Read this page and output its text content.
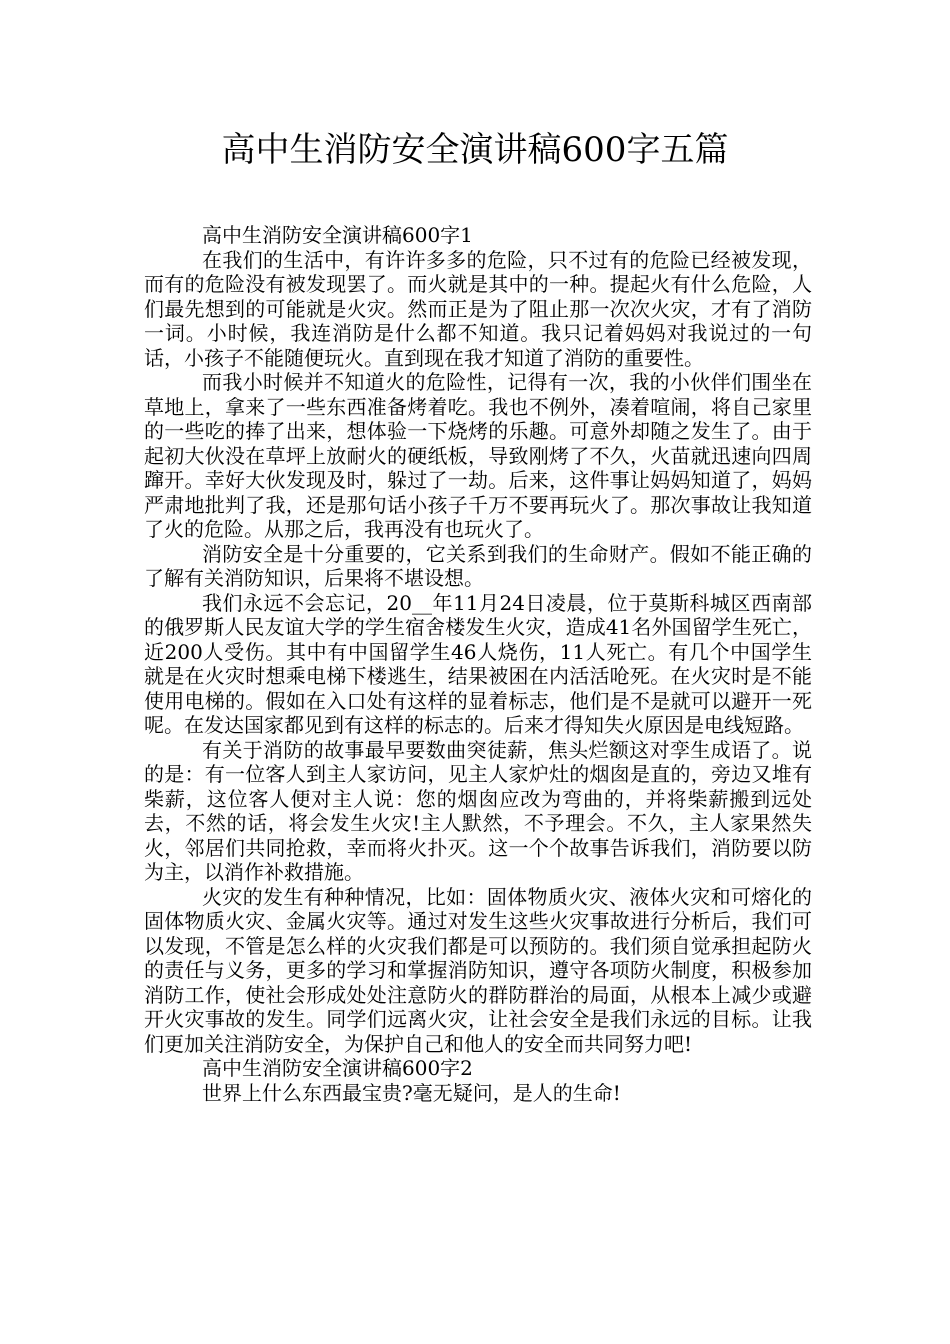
高中生消防安全演讲稿600字五篇

高中生消防安全演讲稿600字1

在我们的生活中，有许许多多的危险，只不过有的危险已经被发现，而有的危险没有被发现罢了。而火就是其中的一种。提起火有什么危险，人们最先想到的可能就是火灾。然而正是为了阻止那一次次火灾，才有了消防一词。小时候，我连消防是什么都不知道。我只记着妈妈对我说过的一句话，小孩子不能随便玩火。直到现在我才知道了消防的重要性。

而我小时候并不知道火的危险性，记得有一次，我的小伙伴们围坐在草地上，拿来了一些东西准备烤着吃。我也不例外，凑着喧闹，将自己家里的一些吃的捧了出来，想体验一下烧烤的乐趣。可意外却随之发生了。由于起初大伙没在草坪上放耐火的硬纸板，导致刚烤了不久，火苗就迅速向四周蹿开。幸好大伙发现及时，躲过了一劫。后来，这件事让妈妈知道了，妈妈严肃地批判了我，还是那句话小孩子千万不要再玩火了。那次事故让我知道了火的危险。从那之后，我再没有也玩火了。

消防安全是十分重要的，它关系到我们的生命财产。假如不能正确的了解有关消防知识，后果将不堪设想。

我们永远不会忘记，20__年11月24日凌晨，位于莫斯科城区西南部的俄罗斯人民友谊大学的学生宿舍楼发生火灾，造成41名外国留学生死亡，近200人受伤。其中有中国留学生46人烧伤，11人死亡。有几个中国学生就是在火灾时想乘电梯下楼逃生，结果被困在内活活呛死。在火灾时是不能使用电梯的。假如在入口处有这样的显着标志，他们是不是就可以避开一死呢。在发达国家都见到有这样的标志的。后来才得知失火原因是电线短路。

有关于消防的故事最早要数曲突徒薪，焦头烂额这对孪生成语了。说的是：有一位客人到主人家访问，见主人家炉灶的烟囱是直的，旁边又堆有柴薪，这位客人便对主人说：您的烟囱应改为弯曲的，并将柴薪搬到远处去，不然的话，将会发生火灾!主人默然，不予理会。不久，主人家果然失火，邻居们共同抢救，幸而将火扑灭。这一个个故事告诉我们，消防要以防为主，以消作补救措施。

火灾的发生有种种情况，比如：固体物质火灾、液体火灾和可熔化的固体物质火灾、金属火灾等。通过对发生这些火灾事故进行分析后，我们可以发现，不管是怎么样的火灾我们都是可以预防的。我们须自觉承担起防火的责任与义务，更多的学习和掌握消防知识，遵守各项防火制度，积极参加消防工作，使社会形成处处注意防火的群防群治的局面，从根本上减少或避开火灾事故的发生。同学们远离火灾，让社会安全是我们永远的目标。让我们更加关注消防安全，为保护自己和他人的安全而共同努力吧!

高中生消防安全演讲稿600字2

世界上什么东西最宝贵?毫无疑问，是人的生命!
